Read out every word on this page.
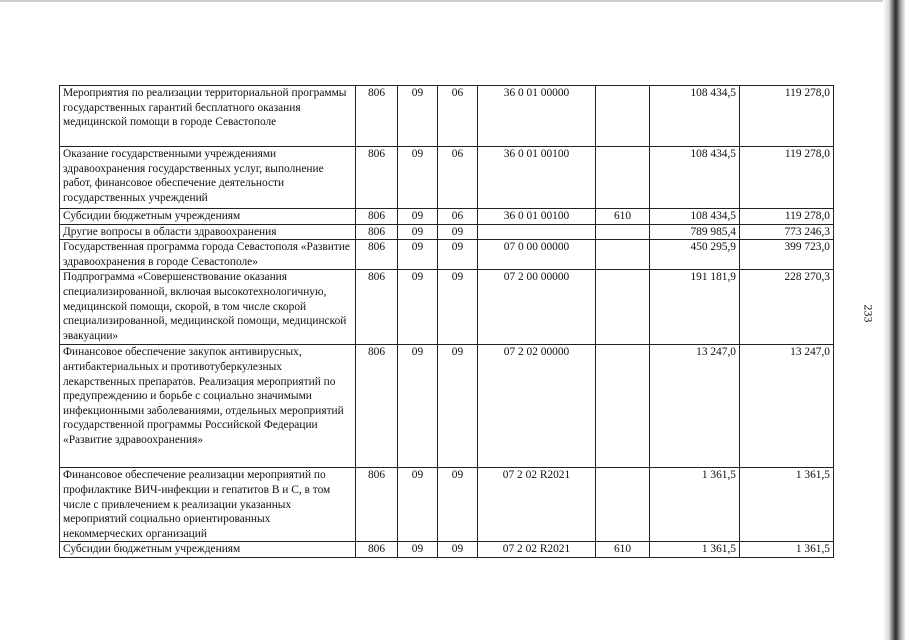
233
Мероприятия по реализации территориальной программы государственных гарантий бесплатного оказания медицинской помощи в городе Севастополе	806	09	06	36 0 01 00000		108 434,5	119 278,0
Оказание государственными учреждениями здравоохранения государственных услуг, выполнение работ, финансовое обеспечение деятельности государственных учреждений	806	09	06	36 0 01 00100		108 434,5	119 278,0
Субсидии бюджетным учреждениям	806	09	06	36 0 01 00100	610	108 434,5	119 278,0
Другие вопросы в области здравоохранения	806	09	09			789 985,4	773 246,3
Государственная программа города Севастополя «Развитие здравоохранения в городе Севастополе»	806	09	09	07 0 00 00000		450 295,9	399 723,0
Подпрограмма «Совершенствование оказания специализированной, включая высокотехнологичную, медицинской помощи, скорой, в том числе скорой специализированной, медицинской помощи, медицинской эвакуации»	806	09	09	07 2 00 00000		191 181,9	228 270,3
Финансовое обеспечение закупок антивирусных, антибактериальных и противотуберкулезных лекарственных препаратов. Реализация мероприятий по предупреждению и борьбе с социально значимыми инфекционными заболеваниями, отдельных мероприятий государственной программы Российской Федерации «Развитие здравоохранения»	806	09	09	07 2 02 00000		13 247,0	13 247,0
Финансовое обеспечение реализации мероприятий по профилактике ВИЧ-инфекции и гепатитов В и С, в том числе с привлечением к реализации указанных мероприятий социально ориентированных некоммерческих организаций	806	09	09	07 2 02 R2021		1 361,5	1 361,5
Субсидии бюджетным учреждениям	806	09	09	07 2 02 R2021	610	1 361,5	1 361,5
